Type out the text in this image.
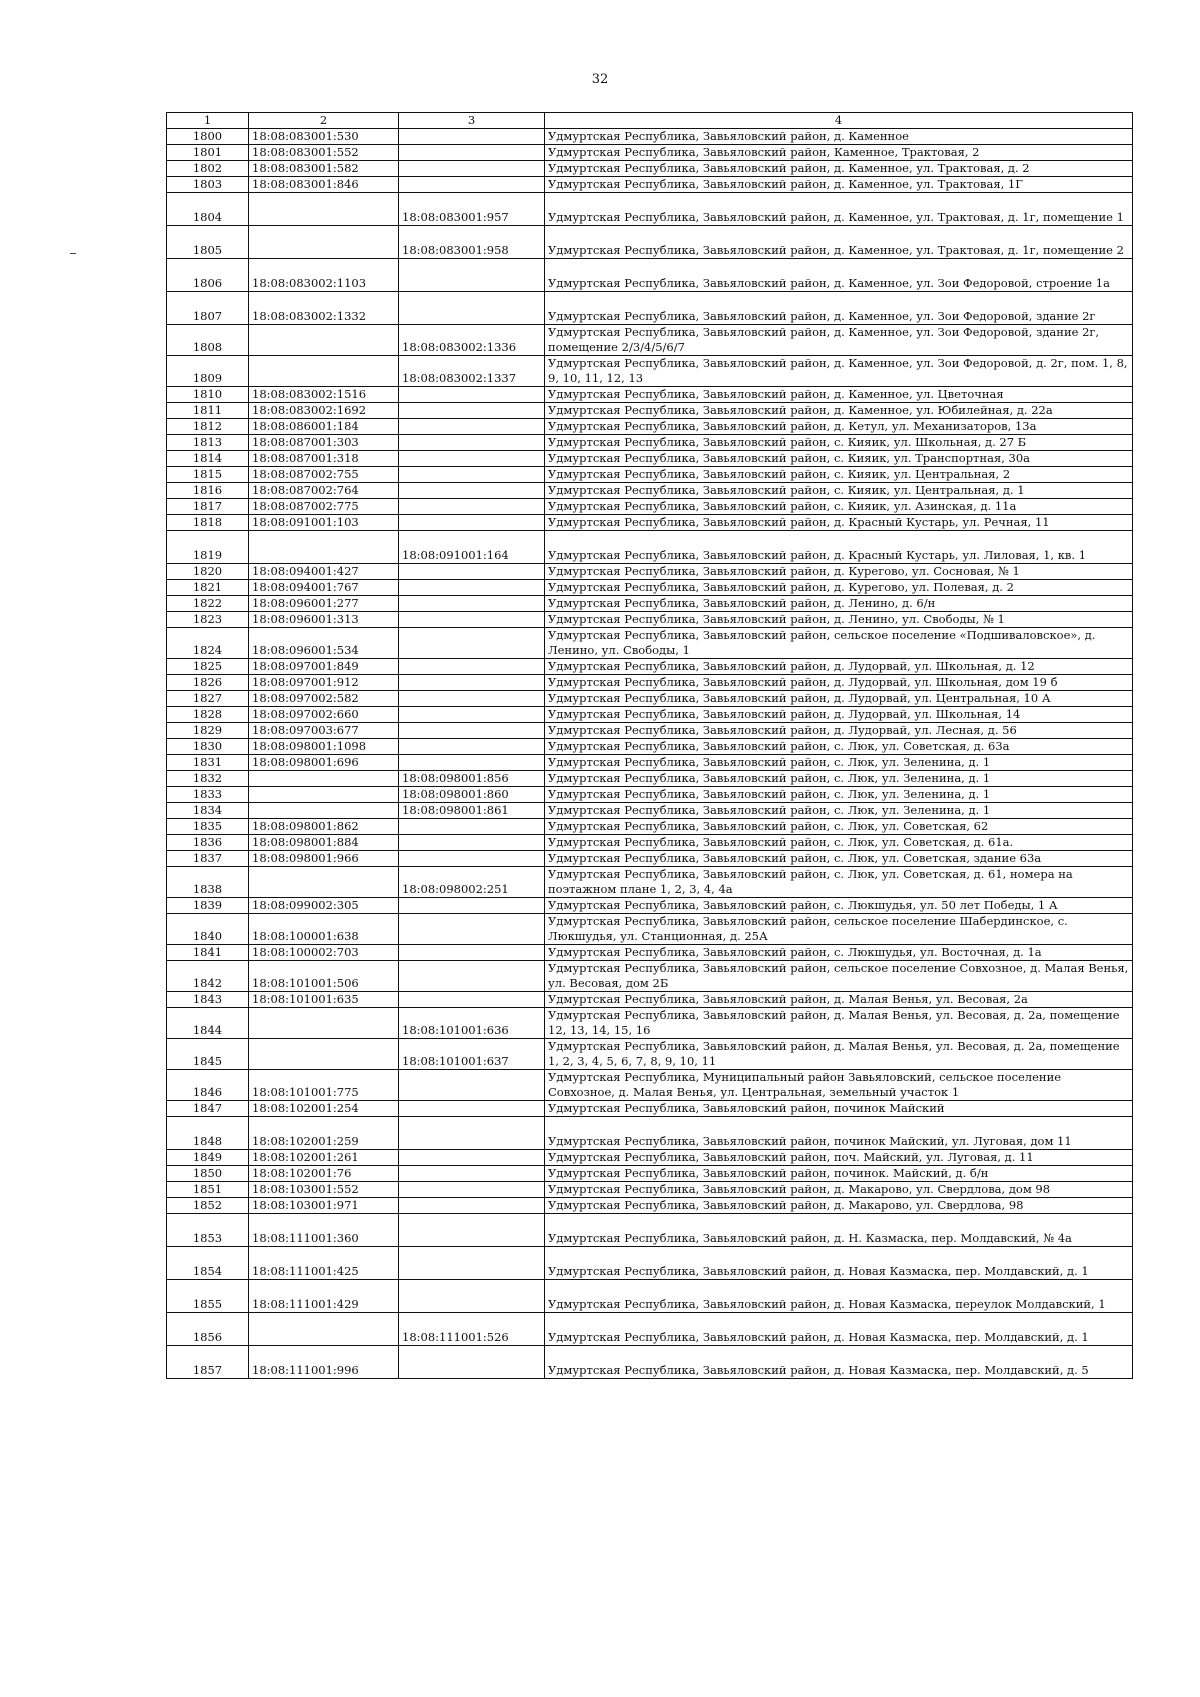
32
1	2	3	4
1800	18:08:083001:530		Удмуртская Республика, Завьяловский район, д. Каменное
1801	18:08:083001:552		Удмуртская Республика, Завьяловский район, Каменное, Трактовая, 2
1802	18:08:083001:582		Удмуртская Республика, Завьяловский район, д. Каменное, ул. Трактовая, д. 2
1803	18:08:083001:846		Удмуртская Республика, Завьяловский район, д. Каменное, ул. Трактовая, 1Г
1804		18:08:083001:957	Удмуртская Республика, Завьяловский район, д. Каменное, ул. Трактовая, д. 1г, помещение 1
1805		18:08:083001:958	Удмуртская Республика, Завьяловский район, д. Каменное, ул. Трактовая, д. 1г, помещение 2
1806	18:08:083002:1103		Удмуртская Республика, Завьяловский район, д. Каменное, ул. Зои Федоровой, строение 1а
1807	18:08:083002:1332		Удмуртская Республика, Завьяловский район, д. Каменное, ул. Зои Федоровой, здание 2г
1808		18:08:083002:1336	Удмуртская Республика, Завьяловский район, д. Каменное, ул. Зои Федоровой, здание 2г, помещение 2/3/4/5/6/7
1809		18:08:083002:1337	Удмуртская Республика, Завьяловский район, д. Каменное, ул. Зои Федоровой, д. 2г, пом. 1, 8, 9, 10, 11, 12, 13
1810	18:08:083002:1516		Удмуртская Республика, Завьяловский район, д. Каменное, ул. Цветочная
1811	18:08:083002:1692		Удмуртская Республика, Завьяловский район, д. Каменное, ул. Юбилейная, д. 22а
1812	18:08:086001:184		Удмуртская Республика, Завьяловский район, д. Кетул, ул. Механизаторов, 13а
1813	18:08:087001:303		Удмуртская Республика, Завьяловский район, с. Кияик, ул. Школьная, д. 27 Б
1814	18:08:087001:318		Удмуртская Республика, Завьяловский район, с. Кияик, ул. Транспортная, 30а
1815	18:08:087002:755		Удмуртская Республика, Завьяловский район, с. Кияик, ул. Центральная, 2
1816	18:08:087002:764		Удмуртская Республика, Завьяловский район, с. Кияик, ул. Центральная, д. 1
1817	18:08:087002:775		Удмуртская Республика, Завьяловский район, с. Кияик, ул. Азинская, д. 11а
1818	18:08:091001:103		Удмуртская Республика, Завьяловский район, д. Красный Кустарь, ул. Речная, 11
1819		18:08:091001:164	Удмуртская Республика, Завьяловский район, д. Красный Кустарь, ул. Лиловая, 1, кв. 1
1820	18:08:094001:427		Удмуртская Республика, Завьяловский район, д. Курегово, ул. Сосновая, № 1
1821	18:08:094001:767		Удмуртская Республика, Завьяловский район, д. Курегово, ул. Полевая, д. 2
1822	18:08:096001:277		Удмуртская Республика, Завьяловский район, д. Ленино, д. 6/н
1823	18:08:096001:313		Удмуртская Республика, Завьяловский район, д. Ленино, ул. Свободы, № 1
1824	18:08:096001:534		Удмуртская Республика, Завьяловский район, сельское поселение «Подшиваловское», д. Ленино, ул. Свободы, 1
1825	18:08:097001:849		Удмуртская Республика, Завьяловский район, д. Лудорвай, ул. Школьная, д. 12
1826	18:08:097001:912		Удмуртская Республика, Завьяловский район, д. Лудорвай, ул. Школьная, дом 19 б
1827	18:08:097002:582		Удмуртская Республика, Завьяловский район, д. Лудорвай, ул. Центральная, 10 А
1828	18:08:097002:660		Удмуртская Республика, Завьяловский район, д. Лудорвай, ул. Школьная, 14
1829	18:08:097003:677		Удмуртская Республика, Завьяловский район, д. Лудорвай, ул. Лесная, д. 56
1830	18:08:098001:1098		Удмуртская Республика, Завьяловский район, с. Люк, ул. Советская, д. 63а
1831	18:08:098001:696		Удмуртская Республика, Завьяловский район, с. Люк, ул. Зеленина, д. 1
1832		18:08:098001:856	Удмуртская Республика, Завьяловский район, с. Люк, ул. Зеленина, д. 1
1833		18:08:098001:860	Удмуртская Республика, Завьяловский район, с. Люк, ул. Зеленина, д. 1
1834		18:08:098001:861	Удмуртская Республика, Завьяловский район, с. Люк, ул. Зеленина, д. 1
1835	18:08:098001:862		Удмуртская Республика, Завьяловский район, с. Люк, ул. Советская, 62
1836	18:08:098001:884		Удмуртская Республика, Завьяловский район, с. Люк, ул. Советская, д. 61а.
1837	18:08:098001:966		Удмуртская Республика, Завьяловский район, с. Люк, ул. Советская, здание 63а
1838		18:08:098002:251	Удмуртская Республика, Завьяловский район, с. Люк, ул. Советская, д. 61, номера на поэтажном плане 1, 2, 3, 4, 4а
1839	18:08:099002:305		Удмуртская Республика, Завьяловский район, с. Люкшудья, ул. 50 лет Победы, 1 А
1840	18:08:100001:638		Удмуртская Республика, Завьяловский район, сельское поселение Шабердинское, с. Люкшудья, ул. Станционная, д. 25А
1841	18:08:100002:703		Удмуртская Республика, Завьяловский район, с. Люкшудья, ул. Восточная, д. 1а
1842	18:08:101001:506		Удмуртская Республика, Завьяловский район, сельское поселение Совхозное, д. Малая Венья, ул. Весовая, дом 2Б
1843	18:08:101001:635		Удмуртская Республика, Завьяловский район, д. Малая Венья, ул. Весовая, 2а
1844		18:08:101001:636	Удмуртская Республика, Завьяловский район, д. Малая Венья, ул. Весовая, д. 2а, помещение 12, 13, 14, 15, 16
1845		18:08:101001:637	Удмуртская Республика, Завьяловский район, д. Малая Венья, ул. Весовая, д. 2а, помещение 1, 2, 3, 4, 5, 6, 7, 8, 9, 10, 11
1846	18:08:101001:775		Удмуртская Республика, Муниципальный район Завьяловский, сельское поселение Совхозное, д. Малая Венья, ул. Центральная, земельный участок 1
1847	18:08:102001:254		Удмуртская Республика, Завьяловский район, починок Майский
1848	18:08:102001:259		Удмуртская Республика, Завьяловский район, починок Майский, ул. Луговая, дом 11
1849	18:08:102001:261		Удмуртская Республика, Завьяловский район, поч. Майский, ул. Луговая, д. 11
1850	18:08:102001:76		Удмуртская Республика, Завьяловский район, починок. Майский, д. б/н
1851	18:08:103001:552		Удмуртская Республика, Завьяловский район, д. Макарово, ул. Свердлова, дом 98
1852	18:08:103001:971		Удмуртская Республика, Завьяловский район, д. Макарово, ул. Свердлова, 98
1853	18:08:111001:360		Удмуртская Республика, Завьяловский район, д. Н. Казмаска, пер. Молдавский, № 4а
1854	18:08:111001:425		Удмуртская Республика, Завьяловский район, д. Новая Казмаска, пер. Молдавский, д. 1
1855	18:08:111001:429		Удмуртская Республика, Завьяловский район, д. Новая Казмаска, переулок Молдавский, 1
1856		18:08:111001:526	Удмуртская Республика, Завьяловский район, д. Новая Казмаска, пер. Молдавский, д. 1
1857	18:08:111001:996		Удмуртская Республика, Завьяловский район, д. Новая Казмаска, пер. Молдавский, д. 5
